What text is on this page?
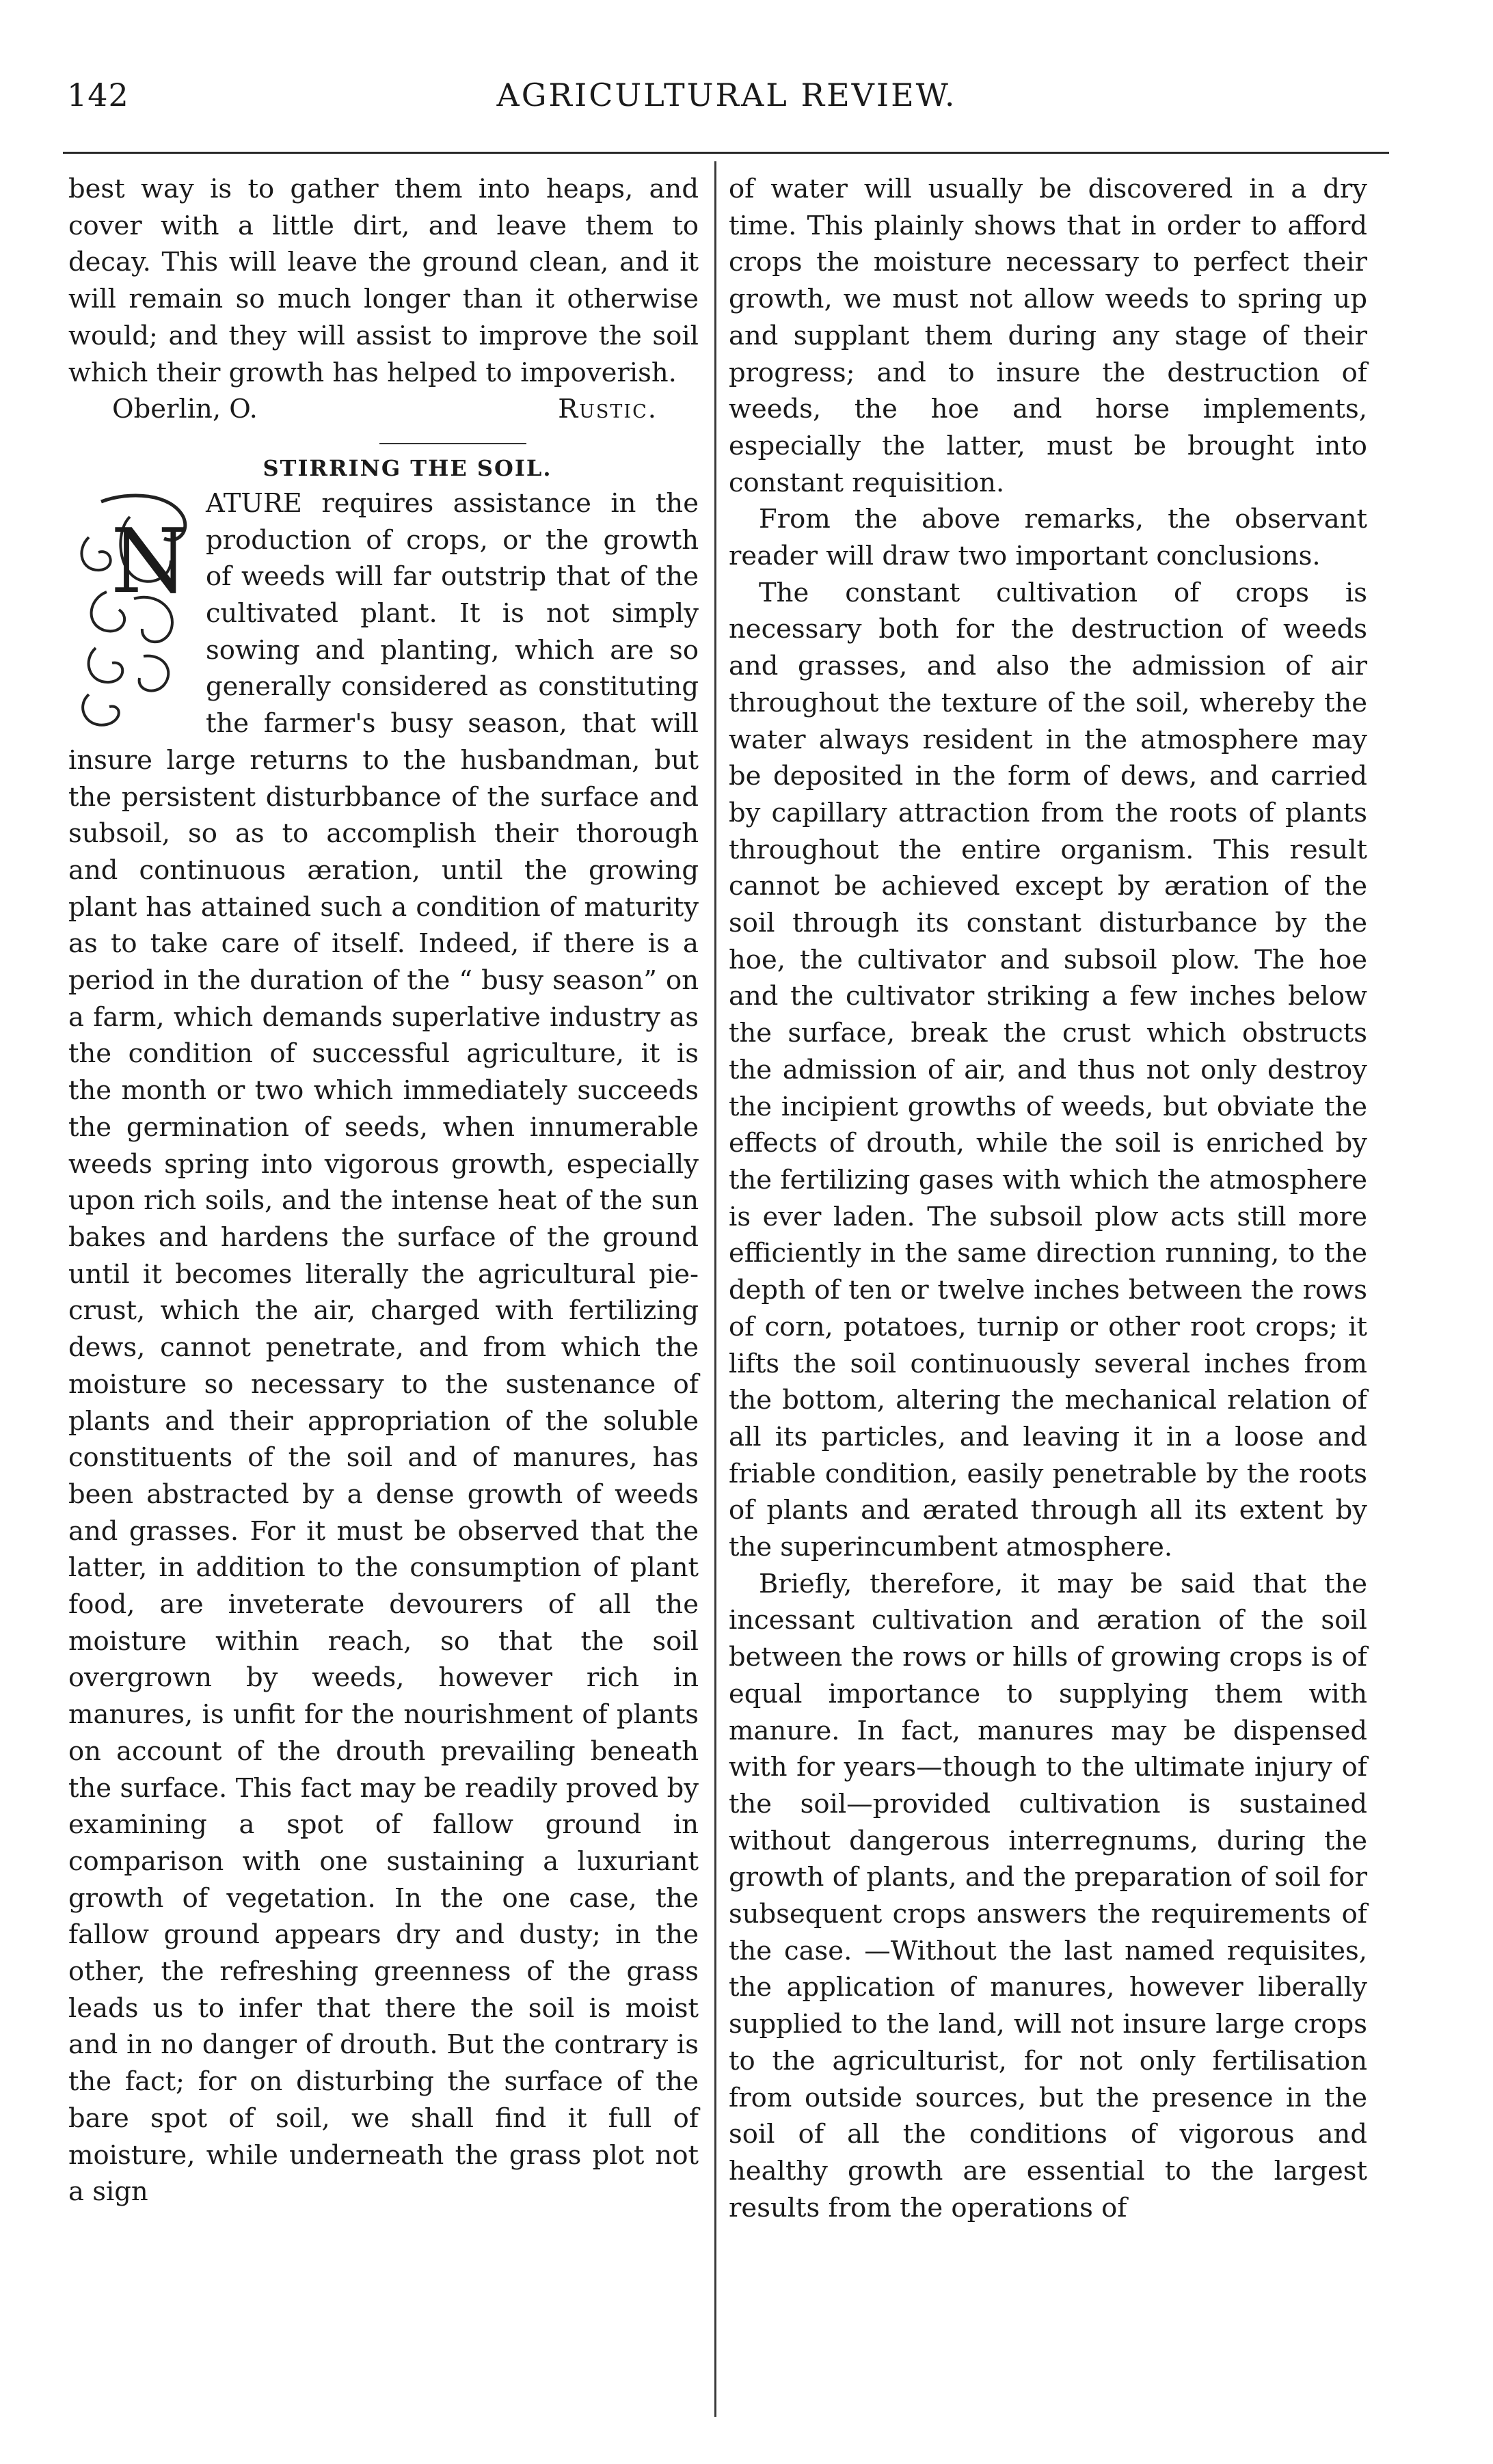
142	AGRICULTURAL REVIEW.

best way is to gather them into heaps, and cover with a little dirt, and leave them to decay. This will leave the ground clean, and it will remain so much longer than it otherwise would; and they will assist to improve the soil which their growth has helped to impoverish.

Oberlin, O.	Rustic.
STIRRING THE SOIL.
N

ATURE requires assistance in the production of crops, or the growth of weeds will far outstrip that of the cultivated plant. It is not simply sowing and planting, which are so generally considered as constituting the farmer's busy season, that will insure large returns to the husbandman, but the persistent disturbbance of the surface and subsoil, so as to accomplish their thorough and continuous æration, until the growing plant has attained such a condition of maturity as to take care of itself. Indeed, if there is a period in the duration of the “ busy season” on a farm, which demands superlative industry as the condition of successful agriculture, it is the month or two which immediately succeeds the germination of seeds, when innumerable weeds spring into vigorous growth, especially upon rich soils, and the intense heat of the sun bakes and hardens the surface of the ground until it becomes literally the agricultural pie-crust, which the air, charged with fertilizing dews, cannot penetrate, and from which the moisture so necessary to the sustenance of plants and their appropriation of the soluble constituents of the soil and of manures, has been abstracted by a dense growth of weeds and grasses. For it must be observed that the latter, in addition to the consumption of plant food, are inveterate devourers of all the moisture within reach, so that the soil overgrown by weeds, however rich in manures, is unfit for the nourishment of plants on account of the drouth prevailing beneath the surface. This fact may be readily proved by examining a spot of fallow ground in comparison with one sustaining a luxuriant growth of vegetation. In the one case, the fallow ground appears dry and dusty; in the other, the refreshing greenness of the grass leads us to infer that there the soil is moist and in no danger of drouth. But the contrary is the fact; for on disturbing the surface of the bare spot of soil, we shall find it full of moisture, while underneath the grass plot not a sign

of water will usually be discovered in a dry time. This plainly shows that in order to afford crops the moisture necessary to perfect their growth, we must not allow weeds to spring up and supplant them during any stage of their progress; and to insure the destruction of weeds, the hoe and horse implements, especially the latter, must be brought into constant requisition.

From the above remarks, the observant reader will draw two important conclusions.

The constant cultivation of crops is necessary both for the destruction of weeds and grasses, and also the admission of air throughout the texture of the soil, whereby the water always resident in the atmosphere may be deposited in the form of dews, and carried by capillary attraction from the roots of plants throughout the entire organism. This result cannot be achieved except by æration of the soil through its constant disturbance by the hoe, the cultivator and subsoil plow. The hoe and the cultivator striking a few inches below the surface, break the crust which obstructs the admission of air, and thus not only destroy the incipient growths of weeds, but obviate the effects of drouth, while the soil is enriched by the fertilizing gases with which the atmosphere is ever laden. The subsoil plow acts still more efficiently in the same direction running, to the depth of ten or twelve inches between the rows of corn, potatoes, turnip or other root crops; it lifts the soil continuously several inches from the bottom, altering the mechanical relation of all its particles, and leaving it in a loose and friable condition, easily penetrable by the roots of plants and ærated through all its extent by the superincumbent atmosphere.

Briefly, therefore, it may be said that the incessant cultivation and æration of the soil between the rows or hills of growing crops is of equal importance to supplying them with manure. In fact, manures may be dispensed with for years—though to the ultimate injury of the soil—provided cultivation is sustained without dangerous interregnums, during the growth of plants, and the preparation of soil for subsequent crops answers the requirements of the case. —Without the last named requisites, the application of manures, however liberally supplied to the land, will not insure large crops to the agriculturist, for not only fertilisation from outside sources, but the presence in the soil of all the conditions of vigorous and healthy growth are essential to the largest results from the operations of
